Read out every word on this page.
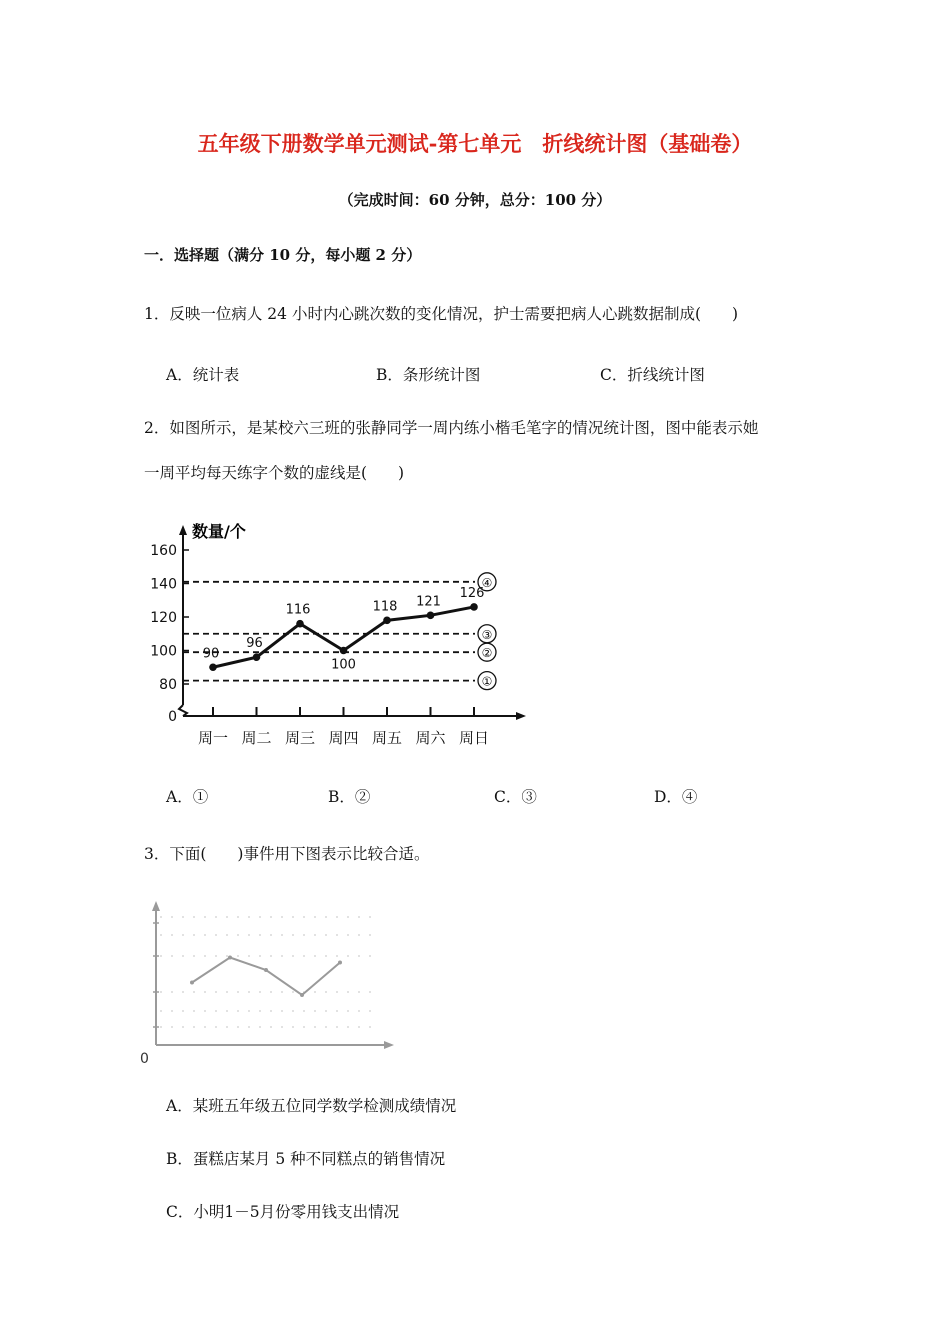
五年级下册数学单元测试-第七单元　折线统计图（基础卷）
（完成时间：60 分钟，总分：100 分）
一．选择题（满分 10 分，每小题 2 分）
1．反映一位病人 24 小时内心跳次数的变化情况，护士需要把病人心跳数据制成(　　)
A．统计表	B．条形统计图	C．折线统计图
2．如图所示，是某校六三班的张静同学一周内练小楷毛笔字的情况统计图，图中能表示她
一周平均每天练字个数的虚线是(　　)
数量/个
0
80
100
120
140
160
周一 周二 周三 周四 周五 周六 周日
①
②
③
④
90
96
116
100
118 121
126
A．①	B．②	C．③	D．④
3．下面(　　)事件用下图表示比较合适。
0
A．某班五年级五位同学数学检测成绩情况
B．蛋糕店某月 5 种不同糕点的销售情况
C．小明1－5月份零用钱支出情况
